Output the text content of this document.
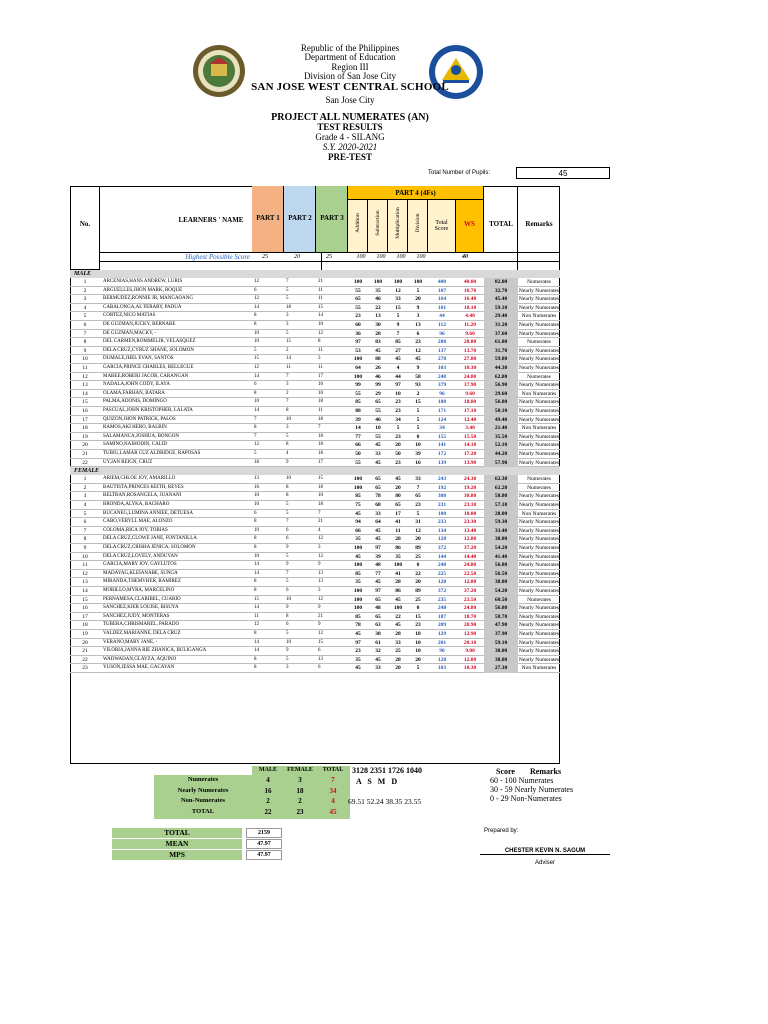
Republic of the Philippines
Department of Education
Region III
Division of San Jose City
SAN JOSE WEST CENTRAL SCHOOL
San Jose City
PROJECT ALL NUMERATES (AN)
TEST RESULTS
Grade 4 - SILANG
S.Y. 2020-2021
PRE-TEST
Total Number of Pupils:	45
No.	LEARNERS ' NAME	PART 1	PART 2	PART 3
PART 4 (4Fs)
Addition	Subtraction	Multiplication	Division	Total Score
WS	TOTAL	Remarks
Highest Possible Score	25	20	25	100	100	100	100	40
MALE
1	ARCENIAS,HANS ANDREW, LURIS	12	7	21	100	100	100	100	400	40.00	82.00	Numerates
2	ARGUELLES,JHON MARK, ROQUE	6	5	11	55	35	12	5	107	10.70	32.70	Nearly Numerates
3	BERMUDEZ,RONNIE JR, MANGAOANG	12	5	11	65	46	33	20	164	16.40	45.40	Nearly Numerates
4	CABALONGA,AL FERARY, PADUA	14	18	15	55	22	15	9	101	10.10	59.10	Nearly Numerates
5	CORTEZ,NICO MATIAS	8	3	14	23	13	5	3	44	4.40	29.40	Non Numerates
6	DE GUZMAN,JUCKY, BERNABE	8	3	10	60	30	9	13	112	11.20	31.20	Nearly Numerates
7	DE GUZMAN,MACKY, -	10	5	12	36	28	7	6	96	9.60	37.60	Nearly Numerates
8	DEL CARMEN,ROMMELJR, VELASQUEZ	10	15	8	97	83	85	23	288	28.80	61.80	Numerates
9	DELA CRUZ,CYRUZ SHANE, SOLOMON	5	2	11	53	45	27	12	137	13.70	31.70	Nearly Numerates
10	DUMALE,JHEL EVAN, SANTOS	15	14	3	100	88	45	45	278	27.80	59.80	Nearly Numerates
11	GARCIA,PRINCE CHARLES, BELLEGUE	12	11	11	64	26	4	9	103	10.30	44.30	Nearly Numerates
12	MABEE,ROBERJ JACOB, CARANGAN	14	7	17	100	46	44	58	248	24.80	62.80	Numerates
13	NADALA,JOHN CODY, ILAYA	6	3	10	99	99	97	93	379	37.90	56.90	Nearly Numerates
14	OLAMA,FARHAN, BATARA	8	2	10	55	29	10	2	96	9.60	29.60	Non Numerates
15	PALMA,ADONIS, DOMINGO	10	7	18	85	65	23	15	188	18.80	56.80	Nearly Numerates
16	PASCUAL,JOHN KRISTOPHER, LALATA	14	8	11	88	55	23	5	171	17.10	50.10	Nearly Numerates
17	QUIZON,JHON PATRICK, PALOS	7	10	18	39	46	34	5	124	12.40	49.40	Nearly Numerates
18	RAMOS,AKI HERO, BALBIN	8	3	7	14	10	5	5	34	3.40	21.40	Non Numerates
19	SALAMANCA,JOSHUA, BONGON	7	5	18	77	55	23	0	155	15.50	35.50	Nearly Numerates
20	SAMINO,NAJHODIN, CALID	12	8	18	66	45	20	10	141	14.10	52.10	Nearly Numerates
21	TUBIG,LAMAR CUZ ALDRIDGE, RAPOSAS	5	4	18	50	33	50	39	172	17.20	44.20	Nearly Numerates
22	UY,JAN REIGN, CRUZ	18	9	17	55	45	23	16	139	13.90	57.90	Nearly Numerates
FEMALE
1	ARIEM,CHLOE JOY, AMARILLO	13	10	15	100	65	45	33	243	24.30	62.30	Numerates
2	BAUTISTA,PRINCES KEITH, REYES	16	8	18	100	65	20	7	192	19.20	62.20	Numerates
3	BELTRAN,ROSANGELA, JUANANI	10	8	10	85	78	80	65	308	30.80	58.80	Nearly Numerates
4	BRONDA,ALYKA, BACHARO	10	5	18	75	68	65	23	231	23.10	57.10	Nearly Numerates
5	BUCANEG,LUMINA ANNIEE, DETUESA	6	5	7	45	33	17	5	100	10.00	28.00	Non Numerates
6	CABO,VERYLL MAE, ALONZO	8	7	21	94	64	41	31	233	23.30	59.30	Nearly Numerates
7	COLOMA,RICA JOY, TOBIAS	10	6	4	66	45	11	12	134	13.40	33.40	Nearly Numerates
8	DELA CRUZ,CLOWE JANE, FONTANILLA	8	6	12	35	45	28	20	128	12.80	38.80	Nearly Numerates
9	DELA CRUZ,CRISHA JENICA, SOLOMON	8	9	3	100	97	86	89	372	37.20	54.20	Nearly Numerates
10	DELA CRUZ,LOVELY, ANDUYAN	10	5	12	45	39	35	25	144	14.40	41.40	Nearly Numerates
11	GARCIA,MARY JOY, GAYLUTOS	14	9	9	100	48	100	0	248	24.80	56.80	Nearly Numerates
12	MADAYAG,KLEIANABE, SUNGA	14	7	13	85	77	41	22	225	22.50	56.50	Nearly Numerates
13	MIRANDA,THEMVHER, RAMIREZ	8	5	13	35	45	28	20	128	12.80	38.80	Nearly Numerates
14	MORILLO,MYRA, MARCELINO	8	6	3	100	97	86	89	372	37.20	54.20	Nearly Numerates
15	PERNAMESA,CLARIBEL, CUARIO	15	10	12	100	65	45	25	235	23.50	60.50	Numerates
16	SANCHEZ,KIER LOUISE, BISUYA	14	9	9	100	48	100	0	248	24.80	56.80	Nearly Numerates
17	SANCHEZ,JUDY, MONTERAS	11	8	21	85	65	22	15	187	18.70	58.70	Nearly Numerates
18	TUBERA,CHRISMAREL, PARADO	12	6	9	78	63	45	23	209	20.90	47.90	Nearly Numerates
19	VALDEZ,MARIANNE, DELA CRUZ	8	5	12	45	38	28	18	129	12.90	37.90	Nearly Numerates
20	VERANO,MARY JANE, -	14	10	15	97	61	33	10	201	20.10	59.10	Nearly Numerates
21	VILORIA,JANNA RIE ZHANICA, BULIGANGA	14	9	6	23	32	25	10	90	9.00	38.00	Nearly Numerates
22	WADWADAN,GLAYZA, AQUINO	8	5	13	35	45	28	20	128	12.80	38.80	Nearly Numerates
23	YUSON,JESSA MAE, GACAYAN	8	3	6	45	33	20	5	103	10.30	27.30	Non Numerates
MALE	FEMALE	TOTAL
Numerates	4	3	7
Nearly Numerates	16	18	34
Non-Numerates	2	2	4
TOTAL	22	23	45
3128 2351 1726 1040
A S M D
69.51 52.24 38.35 23.55
Score Remarks
60 - 100 Numerates
30 - 59 Nearly Numerates
0 - 29 Non-Numerates
TOTAL	2159
MEAN	47.97
MPS	47.97
Prepared by:
CHESTER KEVIN N. SAGUM
Adviser
